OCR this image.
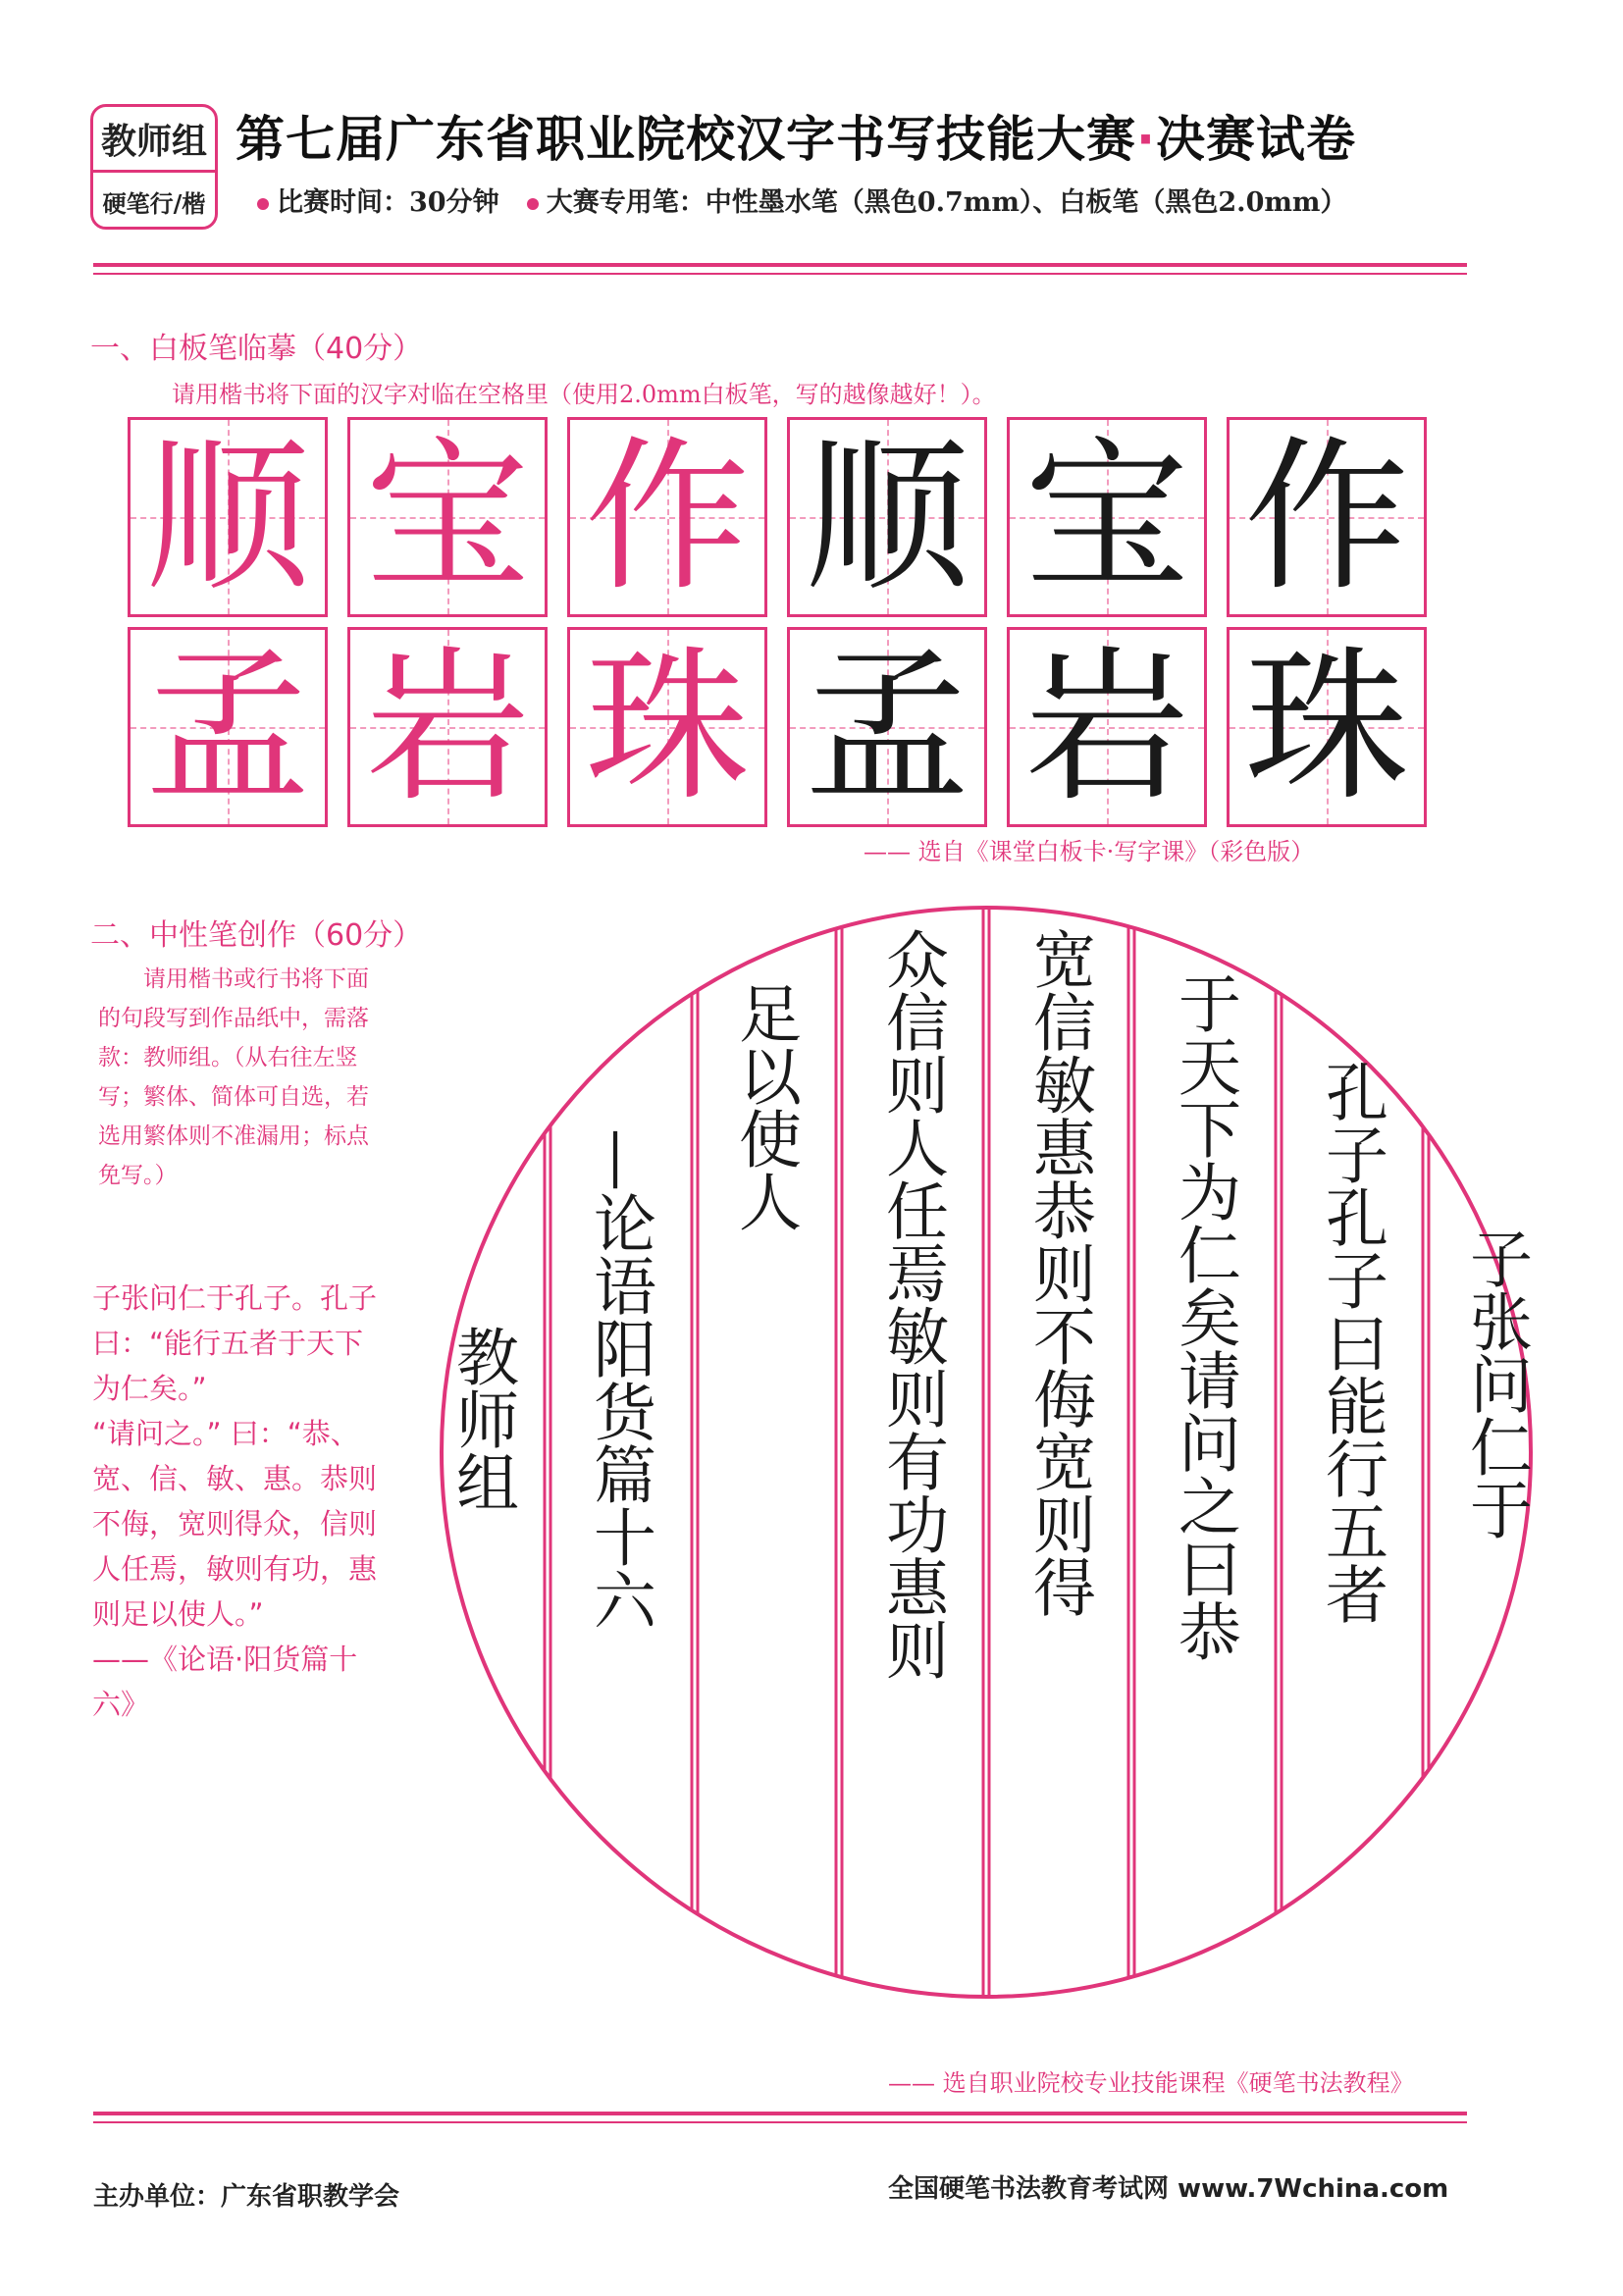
教师组
硬笔行/楷
第七届广东省职业院校汉字书写技能大赛·决赛试卷
比赛时间：30分钟 大赛专用笔：中性墨水笔（黑色0.7mm）、白板笔（黑色2.0mm）
一、白板笔临摹（40分）
请用楷书将下面的汉字对临在空格里（使用2.0mm白板笔，写的越像越好！）。
顺 宝 作 顺 宝 作
孟 岩 珠 孟 岩 珠
—— 选自《课堂白板卡·写字课》（彩色版）
二、中性笔创作（60分）
请用楷书或行书将下面的句段写到作品纸中，需落款：教师组。（从右往左竖写；繁体、简体可自选，若选用繁体则不准漏用；标点免写。）

子张问仁于孔子。孔子曰：“能行五者于天下为仁矣。”

“请问之。” 曰：“恭、宽、信、敏、惠。恭则不侮，宽则得众，信则人任焉，敏则有功，惠则足以使人。”

——《论语·阳货篇十六》

子张问仁于
孔子孔子曰能行五者
于天下为仁矣请问之曰恭
宽信敏惠恭则不侮宽则得
众信则人任焉敏则有功惠则
足以使人
—论语阳货篇十六
教师组
—— 选自职业院校专业技能课程《硬笔书法教程》
主办单位：广东省职教学会	全国硬笔书法教育考试网 www.7Wchina.com
